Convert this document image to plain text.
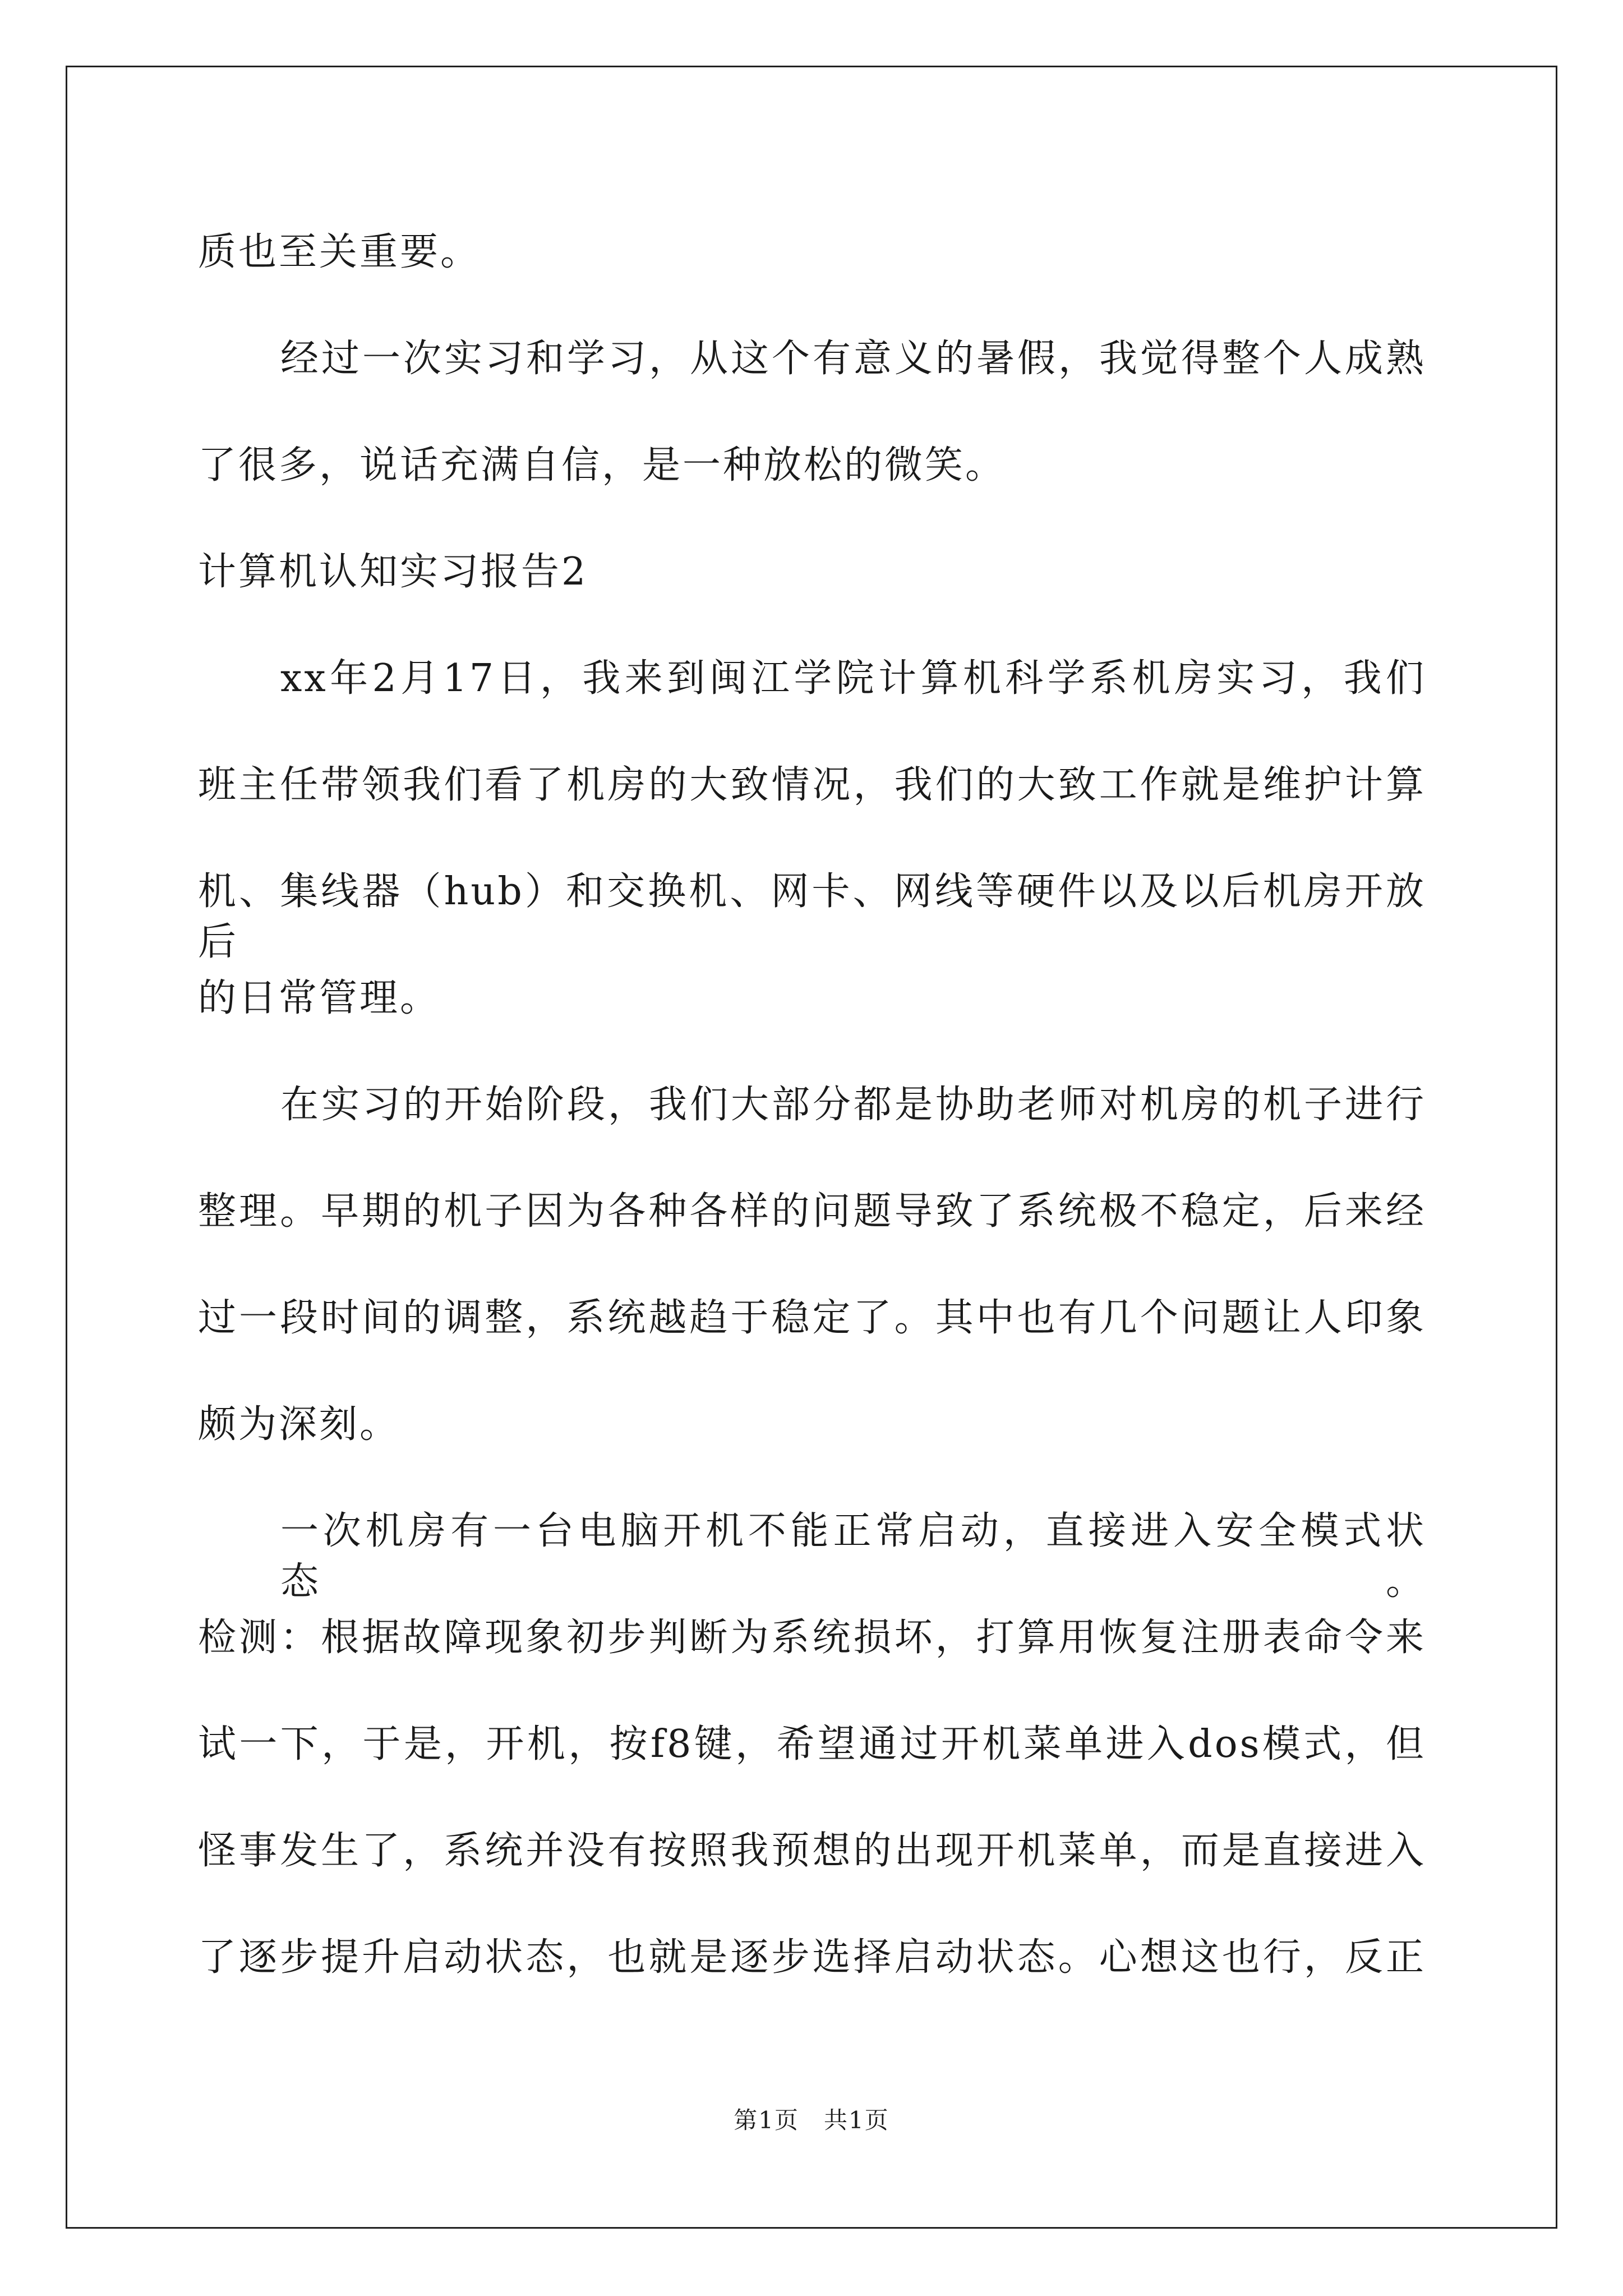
质也至关重要。
经过一次实习和学习，从这个有意义的暑假，我觉得整个人成熟
了很多，说话充满自信，是一种放松的微笑。
计算机认知实习报告2
xx年2月17日，我来到闽江学院计算机科学系机房实习，我们
班主任带领我们看了机房的大致情况，我们的大致工作就是维护计算
机、集线器（hub）和交换机、网卡、网线等硬件以及以后机房开放后
的日常管理。
在实习的开始阶段，我们大部分都是协助老师对机房的机子进行
整理。早期的机子因为各种各样的问题导致了系统极不稳定，后来经
过一段时间的调整，系统越趋于稳定了。其中也有几个问题让人印象
颇为深刻。
一次机房有一台电脑开机不能正常启动，直接进入安全模式状态。
检测：根据故障现象初步判断为系统损坏，打算用恢复注册表命令来
试一下，于是，开机，按f8键，希望通过开机菜单进入dos模式，但
怪事发生了，系统并没有按照我预想的出现开机菜单，而是直接进入
了逐步提升启动状态，也就是逐步选择启动状态。心想这也行，反正
第1页　共1页
